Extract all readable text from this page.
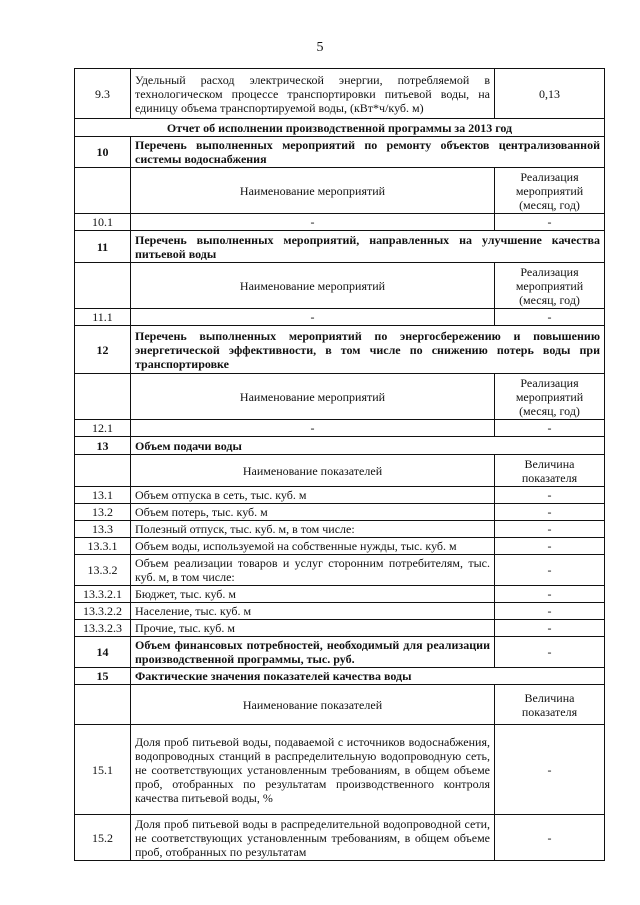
5
9.3	Удельный расход электрической энергии, потребляемой в технологическом процессе транспортировки питьевой воды, на единицу объема транспортируемой воды, (кВт*ч/куб. м)	0,13
Отчет об исполнении производственной программы за 2013 год		
10	Перечень выполненных мероприятий по ремонту объектов централизованной системы водоснабжения	
	Наименование мероприятий	Реализация мероприятий (месяц, год)
10.1	-	-
11	Перечень выполненных мероприятий, направленных на улучшение качества питьевой воды	
	Наименование мероприятий	Реализация мероприятий (месяц, год)
11.1	-	-
12	Перечень выполненных мероприятий по энергосбережению и повышению энергетической эффективности, в том числе по снижению потерь воды при транспортировке	
	Наименование мероприятий	Реализация мероприятий (месяц, год)
12.1	-	-
13	Объем подачи воды	
	Наименование показателей	Величина показателя
13.1	Объем отпуска в сеть, тыс. куб. м	-
13.2	Объем потерь, тыс. куб. м	-
13.3	Полезный отпуск, тыс. куб. м, в том числе:	-
13.3.1	Объем воды, используемой на собственные нужды, тыс. куб. м	-
13.3.2	Объем реализации товаров и услуг сторонним потребителям, тыс. куб. м, в том числе:	-
13.3.2.1	Бюджет, тыс. куб. м	-
13.3.2.2	Население, тыс. куб. м	-
13.3.2.3	Прочие, тыс. куб. м	-
14	Объем финансовых потребностей, необходимый для реализации производственной программы, тыс. руб.	-
15	Фактические значения показателей качества воды	
	Наименование показателей	Величина показателя
15.1	Доля проб питьевой воды, подаваемой с источников водоснабжения, водопроводных станций в распределительную водопроводную сеть, не соответствующих установленным требованиям, в общем объеме проб, отобранных по результатам производственного контроля качества питьевой воды, %	-
15.2	Доля проб питьевой воды в распределительной водопроводной сети, не соответствующих установленным требованиям, в общем объеме проб, отобранных по результатам	-
